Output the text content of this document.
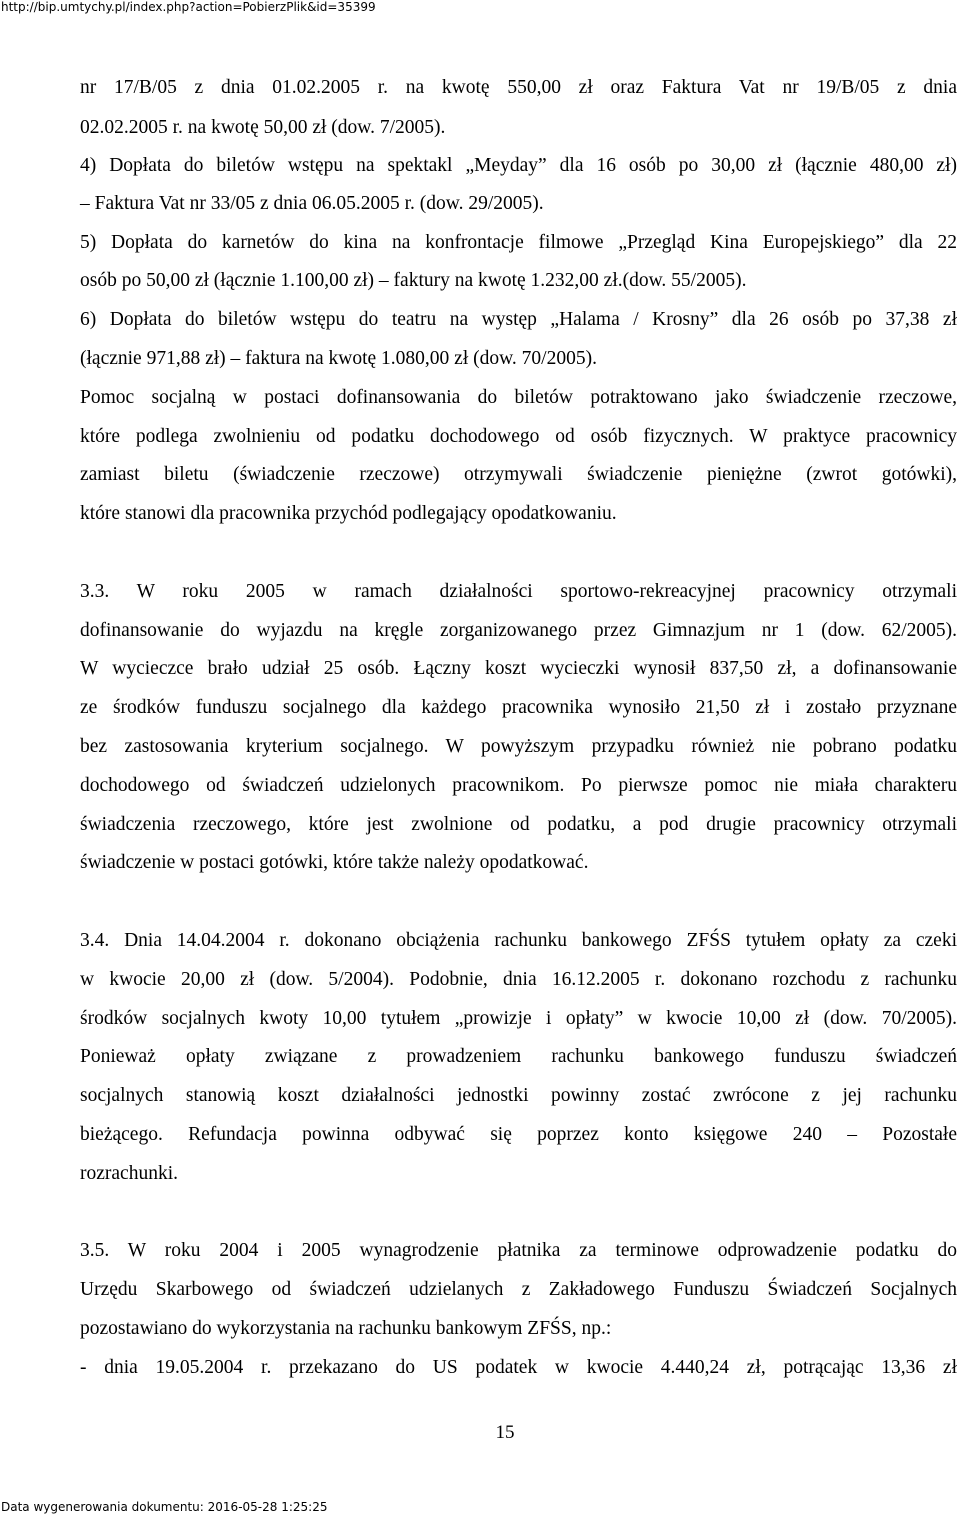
http://bip.umtychy.pl/index.php?action=PobierzPlik&id=35399
nr 17/B/05 z dnia 01.02.2005 r. na kwotę 550,00 zł oraz Faktura Vat nr 19/B/05 z dnia
02.02.2005 r. na kwotę 50,00 zł (dow. 7/2005).
4) Dopłata do biletów wstępu na spektakl „Meyday” dla 16 osób po 30,00 zł (łącznie 480,00 zł)
– Faktura Vat nr 33/05 z dnia 06.05.2005 r. (dow. 29/2005).
5) Dopłata do karnetów do kina na konfrontacje filmowe „Przegląd Kina Europejskiego” dla 22
osób po 50,00 zł (łącznie 1.100,00 zł) – faktury na kwotę 1.232,00 zł.(dow. 55/2005).
6) Dopłata do biletów wstępu do teatru na występ „Halama / Krosny” dla 26 osób po 37,38 zł
(łącznie 971,88 zł) – faktura na kwotę 1.080,00 zł (dow. 70/2005).
Pomoc socjalną w postaci dofinansowania do biletów potraktowano jako świadczenie rzeczowe,
które podlega zwolnieniu od podatku dochodowego od osób fizycznych. W praktyce pracownicy
zamiast biletu (świadczenie rzeczowe) otrzymywali świadczenie pieniężne (zwrot gotówki),
które stanowi dla pracownika przychód podlegający opodatkowaniu.
3.3. W roku 2005 w ramach działalności sportowo-rekreacyjnej pracownicy otrzymali
dofinansowanie do wyjazdu na kręgle zorganizowanego przez Gimnazjum nr 1 (dow. 62/2005).
W wycieczce brało udział 25 osób. Łączny koszt wycieczki wynosił 837,50 zł, a dofinansowanie
ze środków funduszu socjalnego dla każdego pracownika wynosiło 21,50 zł i zostało przyznane
bez zastosowania kryterium socjalnego. W powyższym przypadku również nie pobrano podatku
dochodowego od świadczeń udzielonych pracownikom. Po pierwsze pomoc nie miała charakteru
świadczenia rzeczowego, które jest zwolnione od podatku, a pod drugie pracownicy otrzymali
świadczenie w postaci gotówki, które także należy opodatkować.
3.4. Dnia 14.04.2004 r. dokonano obciążenia rachunku bankowego ZFŚS tytułem opłaty za czeki
w kwocie 20,00 zł (dow. 5/2004). Podobnie, dnia 16.12.2005 r. dokonano rozchodu z rachunku
środków socjalnych kwoty 10,00 tytułem „prowizje i opłaty” w kwocie 10,00 zł (dow. 70/2005).
Ponieważ opłaty związane z prowadzeniem rachunku bankowego funduszu świadczeń
socjalnych stanowią koszt działalności jednostki powinny zostać zwrócone z jej rachunku
bieżącego. Refundacja powinna odbywać się poprzez konto księgowe 240 – Pozostałe
rozrachunki.
3.5. W roku 2004 i 2005 wynagrodzenie płatnika za terminowe odprowadzenie podatku do
Urzędu Skarbowego od świadczeń udzielanych z Zakładowego Funduszu Świadczeń Socjalnych
pozostawiano do wykorzystania na rachunku bankowym ZFŚS, np.:
- dnia 19.05.2004 r. przekazano do US podatek w kwocie 4.440,24 zł, potrącając 13,36 zł
15
Data wygenerowania dokumentu: 2016-05-28 1:25:25
